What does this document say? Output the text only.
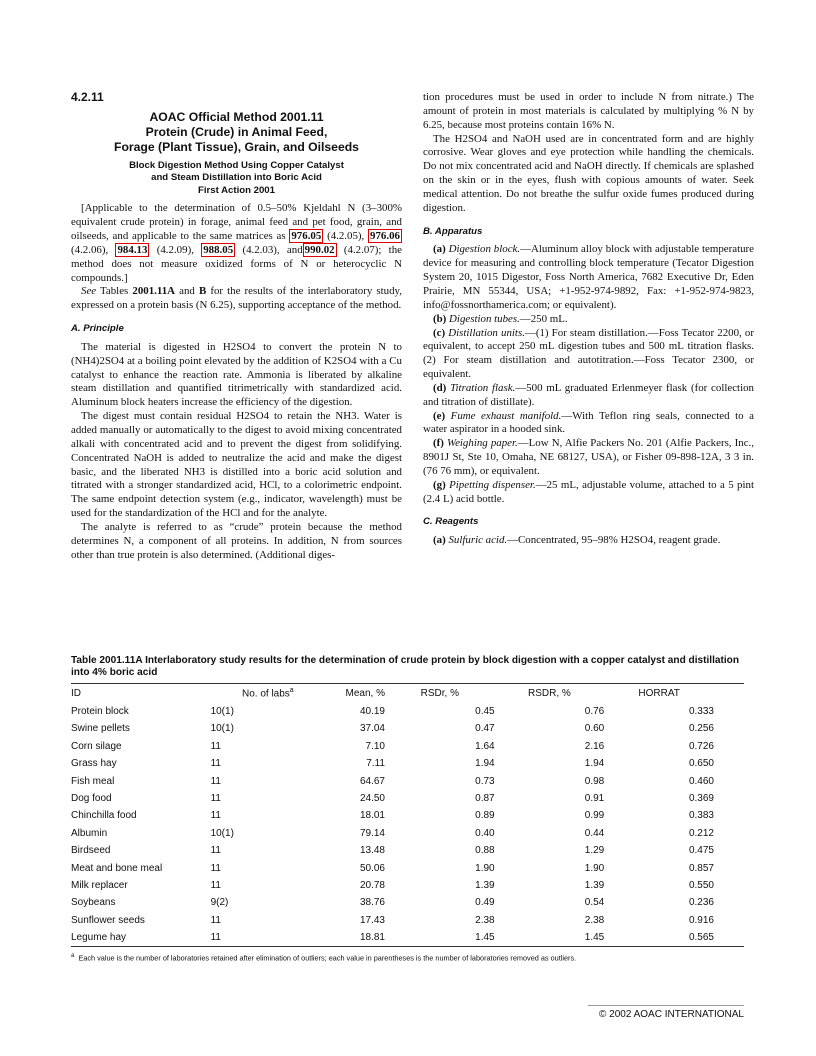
4.2.11
AOAC Official Method 2001.11
Protein (Crude) in Animal Feed,
Forage (Plant Tissue), Grain, and Oilseeds
Block Digestion Method Using Copper Catalyst
and Steam Distillation into Boric Acid
First Action 2001

[Applicable to the determination of 0.5–50% Kjeldahl N (3–300% equivalent crude protein) in forage, animal feed and pet food, grain, and oilseeds, and applicable to the same matrices as 976.05 (4.2.05), 976.06 (4.2.06), 984.13 (4.2.09), 988.05 (4.2.03), and 990.02 (4.2.07); the method does not measure oxidized forms of N or heterocyclic N compounds.]

See Tables 2001.11A and B for the results of the interlaboratory study, expressed on a protein basis (N 6.25), supporting acceptance of the method.

A. Principle

The material is digested in H2SO4 to convert the protein N to (NH4)2SO4 at a boiling point elevated by the addition of K2SO4 with a Cu catalyst to enhance the reaction rate. Ammonia is liberated by alkaline steam distillation and quantified titrimetrically with standardized acid. Aluminum block heaters increase the efficiency of the digestion.

The digest must contain residual H2SO4 to retain the NH3. Water is added manually or automatically to the digest to avoid mixing concentrated alkali with concentrated acid and to prevent the digest from solidifying. Concentrated NaOH is added to neutralize the acid and make the digest basic, and the liberated NH3 is distilled into a boric acid solution and titrated with a stronger standardized acid, HCl, to a colorimetric endpoint. The same endpoint detection system (e.g., indicator, wavelength) must be used for the standardization of the HCl and for the analyte.

The analyte is referred to as “crude” protein because the method determines N, a component of all proteins. In addition, N from sources other than true protein is also determined. (Additional diges-

tion procedures must be used in order to include N from nitrate.) The amount of protein in most materials is calculated by multiplying % N by 6.25, because most proteins contain 16% N.

The H2SO4 and NaOH used are in concentrated form and are highly corrosive. Wear gloves and eye protection while handling the chemicals. Do not mix concentrated acid and NaOH directly. If chemicals are splashed on the skin or in the eyes, flush with copious amounts of water. Seek medical attention. Do not breathe the sulfur oxide fumes produced during digestion.

B. Apparatus

(a) Digestion block.—Aluminum alloy block with adjustable temperature device for measuring and controlling block temperature (Tecator Digestion System 20, 1015 Digestor, Foss North America, 7682 Executive Dr, Eden Prairie, MN 55344, USA; +1-952-974-9892, Fax: +1-952-974-9823, info@fossnorthamerica.com; or equivalent).

(b) Digestion tubes.—250 mL.

(c) Distillation units.—(1) For steam distillation.—Foss Tecator 2200, or equivalent, to accept 250 mL digestion tubes and 500 mL titration flasks. (2) For steam distillation and autotitration.—Foss Tecator 2300, or equivalent.

(d) Titration flask.—500 mL graduated Erlenmeyer flask (for collection and titration of distillate).

(e) Fume exhaust manifold.—With Teflon ring seals, connected to a water aspirator in a hooded sink.

(f) Weighing paper.—Low N, Alfie Packers No. 201 (Alfie Packers, Inc., 8901J St, Ste 10, Omaha, NE 68127, USA), or Fisher 09-898-12A, 3 3 in. (76 76 mm), or equivalent.

(g) Pipetting dispenser.—25 mL, adjustable volume, attached to a 5 pint (2.4 L) acid bottle.

C. Reagents

(a) Sulfuric acid.—Concentrated, 95–98% H2SO4, reagent grade.

Table 2001.11A Interlaboratory study results for the determination of crude protein by block digestion with a copper catalyst and distillation into 4% boric acid
ID	No. of labs$^a$	Mean, %	RSDr, %	RSDR, %	HORRAT
Protein block	10(1)	40.19	0.45	0.76	0.333
Swine pellets	10(1)	37.04	0.47	0.60	0.256
Corn silage	11	7.10	1.64	2.16	0.726
Grass hay	11	7.11	1.94	1.94	0.650
Fish meal	11	64.67	0.73	0.98	0.460
Dog food	11	24.50	0.87	0.91	0.369
Chinchilla food	11	18.01	0.89	0.99	0.383
Albumin	10(1)	79.14	0.40	0.44	0.212
Birdseed	11	13.48	0.88	1.29	0.475
Meat and bone meal	11	50.06	1.90	1.90	0.857
Milk replacer	11	20.78	1.39	1.39	0.550
Soybeans	9(2)	38.76	0.49	0.54	0.236
Sunflower seeds	11	17.43	2.38	2.38	0.916
Legume hay	11	18.81	1.45	1.45	0.565
$^a$ Each value is the number of laboratories retained after elimination of outliers; each value in parentheses is the number of laboratories removed as outliers.
© 2002 AOAC INTERNATIONAL
